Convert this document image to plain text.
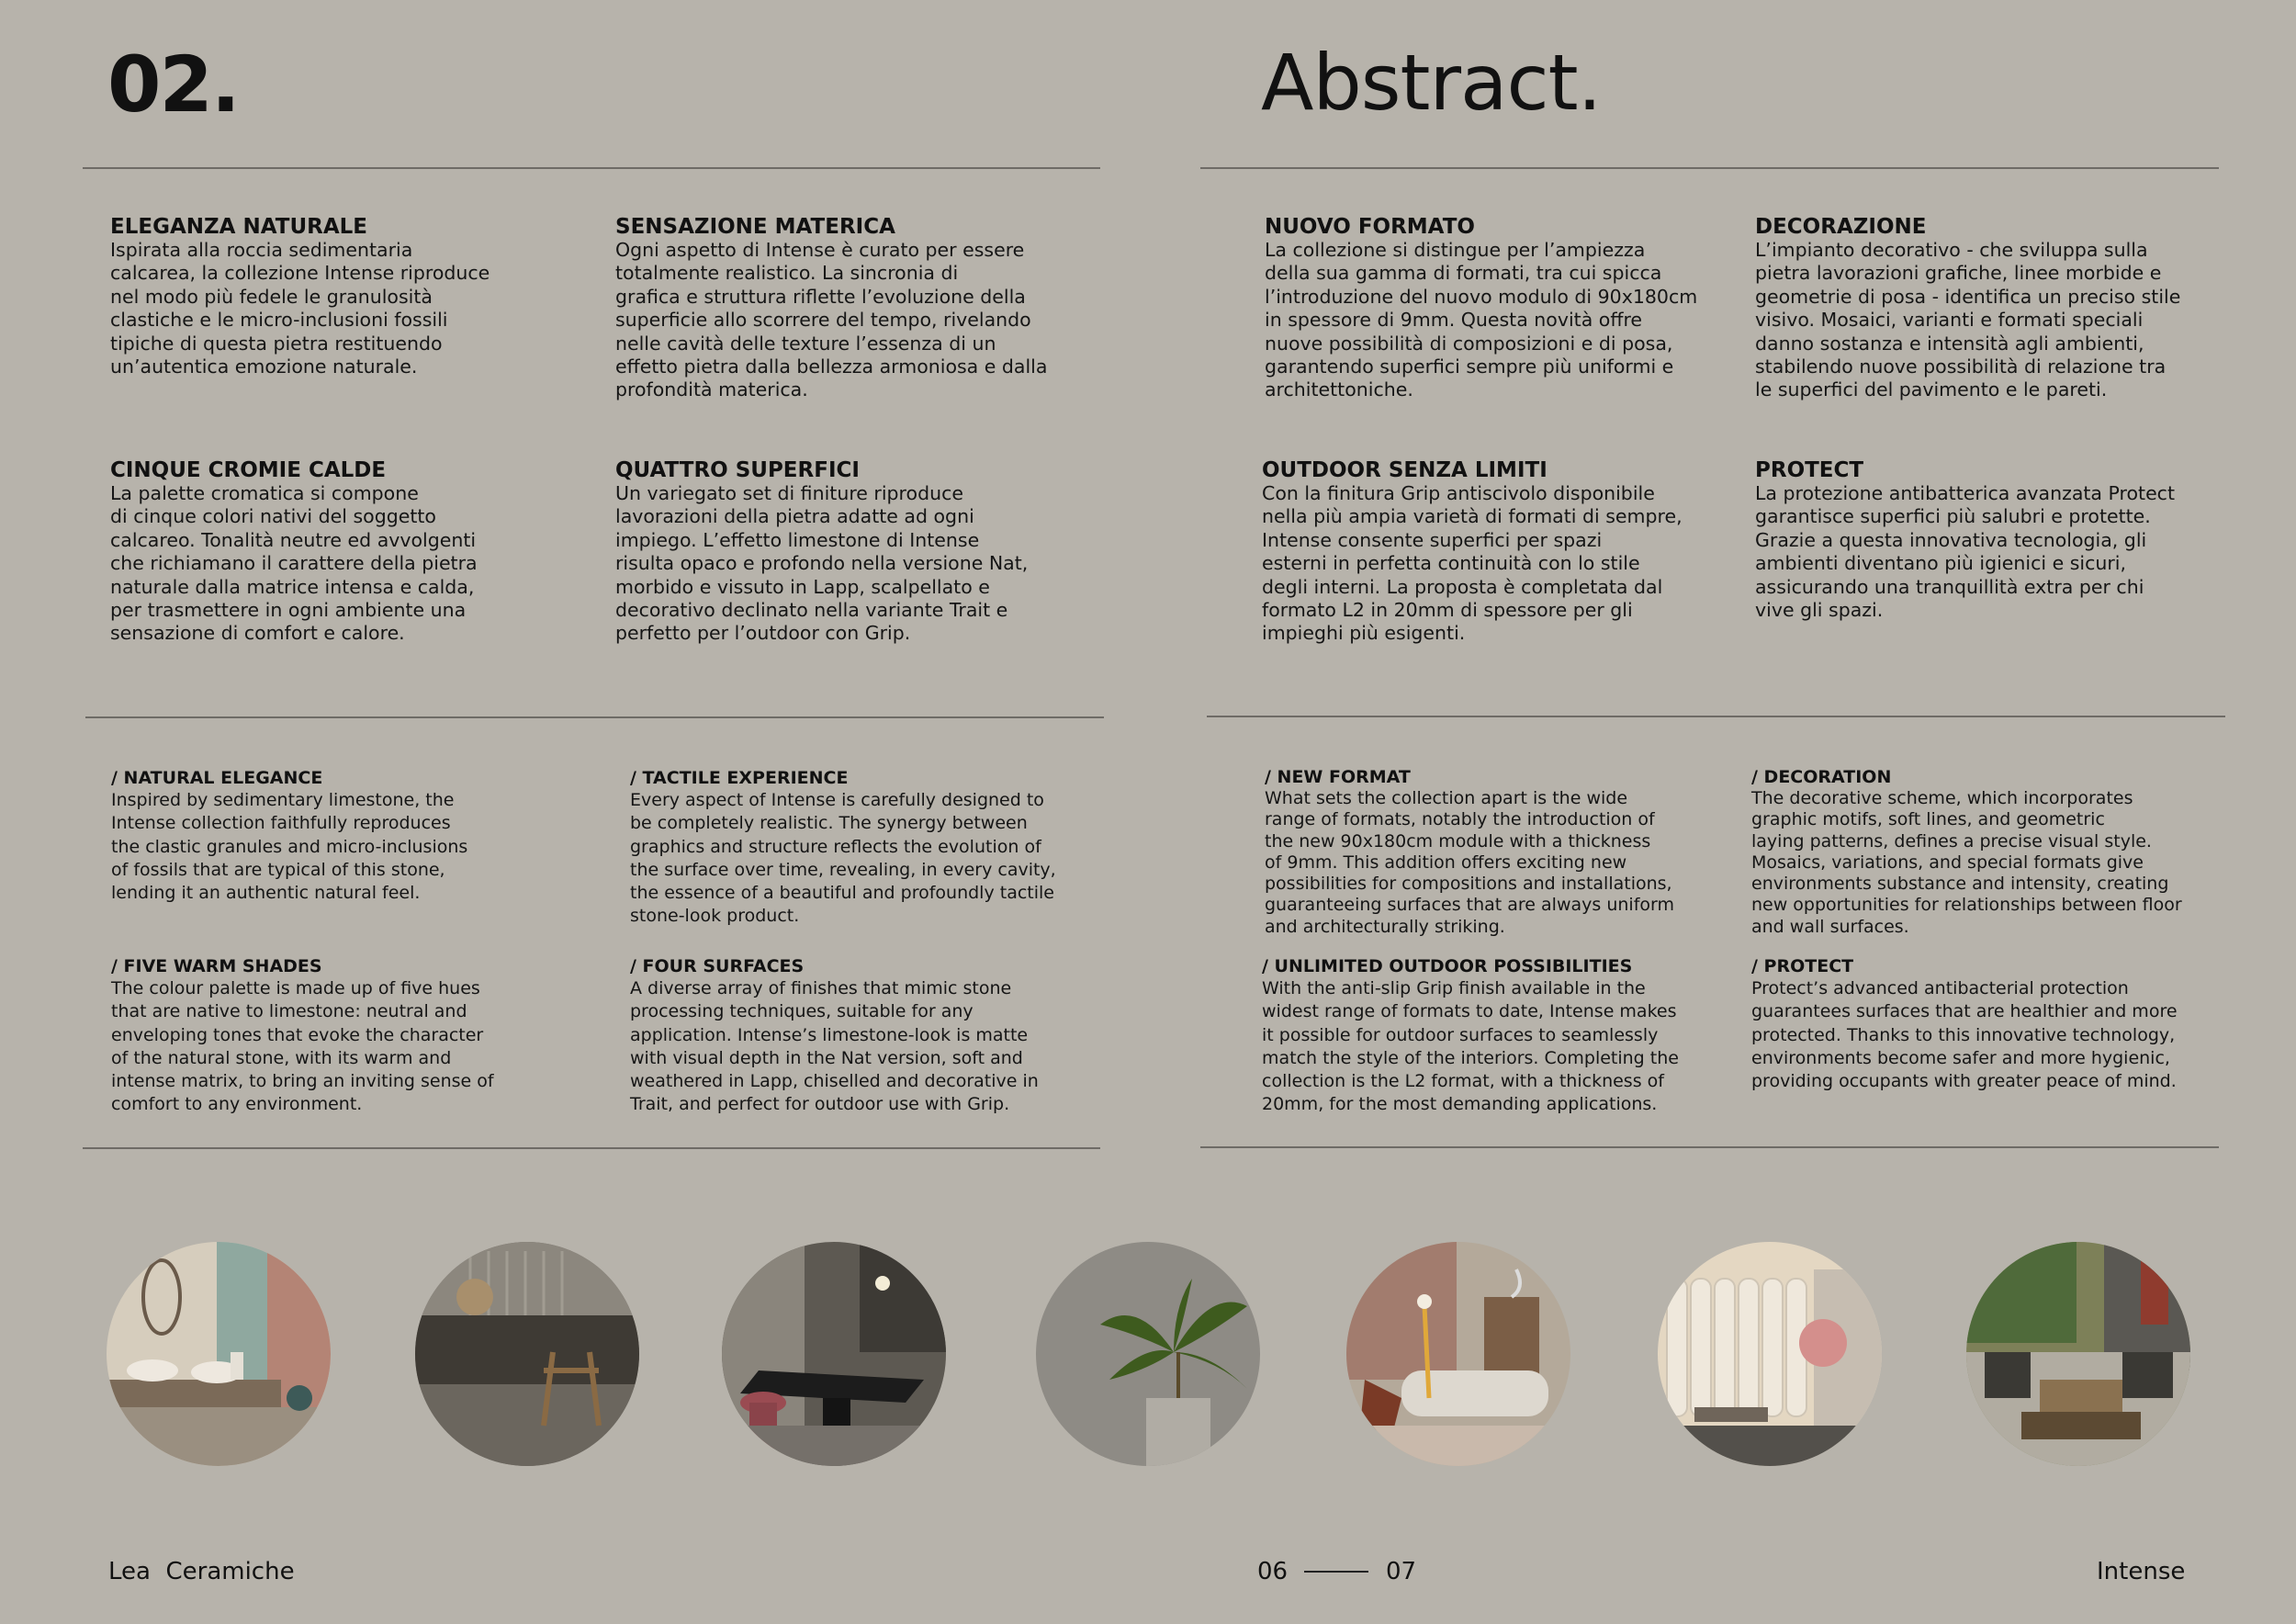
02.	Abstract.
ELEGANZA NATURALE

Ispirata alla roccia sedimentaria
calcarea, la collezione Intense riproduce
nel modo più fedele le granulosità
clastiche e le micro-inclusioni fossili
tipiche di questa pietra restituendo
un’autentica emozione naturale.

SENSAZIONE MATERICA

Ogni aspetto di Intense è curato per essere
totalmente realistico. La sincronia di
grafica e struttura riflette l’evoluzione della
superficie allo scorrere del tempo, rivelando
nelle cavità delle texture l’essenza di un
effetto pietra dalla bellezza armoniosa e dalla
profondità materica.

NUOVO FORMATO

La collezione si distingue per l’ampiezza
della sua gamma di formati, tra cui spicca
l’introduzione del nuovo modulo di 90x180cm
in spessore di 9mm. Questa novità offre
nuove possibilità di composizioni e di posa,
garantendo superfici sempre più uniformi e
architettoniche.

DECORAZIONE

L’impianto decorativo - che sviluppa sulla
pietra lavorazioni grafiche, linee morbide e
geometrie di posa - identifica un preciso stile
visivo. Mosaici, varianti e formati speciali
danno sostanza e intensità agli ambienti,
stabilendo nuove possibilità di relazione tra
le superfici del pavimento e le pareti.

CINQUE CROMIE CALDE

La palette cromatica si compone
di cinque colori nativi del soggetto
calcareo. Tonalità neutre ed avvolgenti
che richiamano il carattere della pietra
naturale dalla matrice intensa e calda,
per trasmettere in ogni ambiente una
sensazione di comfort e calore.

QUATTRO SUPERFICI

Un variegato set di finiture riproduce
lavorazioni della pietra adatte ad ogni
impiego. L’effetto limestone di Intense
risulta opaco e profondo nella versione Nat,
morbido e vissuto in Lapp, scalpellato e
decorativo declinato nella variante Trait e
perfetto per l’outdoor con Grip.

OUTDOOR SENZA LIMITI

Con la finitura Grip antiscivolo disponibile
nella più ampia varietà di formati di sempre,
Intense consente superfici per spazi
esterni in perfetta continuità con lo stile
degli interni. La proposta è completata dal
formato L2 in 20mm di spessore per gli
impieghi più esigenti.

PROTECT

La protezione antibatterica avanzata Protect
garantisce superfici più salubri e protette.
Grazie a questa innovativa tecnologia, gli
ambienti diventano più igienici e sicuri,
assicurando una tranquillità extra per chi
vive gli spazi.

/ NATURAL ELEGANCE

Inspired by sedimentary limestone, the
Intense collection faithfully reproduces
the clastic granules and micro-inclusions
of fossils that are typical of this stone,
lending it an authentic natural feel.

/ TACTILE EXPERIENCE

Every aspect of Intense is carefully designed to
be completely realistic. The synergy between
graphics and structure reflects the evolution of
the surface over time, revealing, in every cavity,
the essence of a beautiful and profoundly tactile
stone-look product.

/ NEW FORMAT

What sets the collection apart is the wide
range of formats, notably the introduction of
the new 90x180cm module with a thickness
of 9mm. This addition offers exciting new
possibilities for compositions and installations,
guaranteeing surfaces that are always uniform
and architecturally striking.

/ DECORATION

The decorative scheme, which incorporates
graphic motifs, soft lines, and geometric
laying patterns, defines a precise visual style.
Mosaics, variations, and special formats give
environments substance and intensity, creating
new opportunities for relationships between floor
and wall surfaces.

/ FIVE WARM SHADES

The colour palette is made up of five hues
that are native to limestone: neutral and
enveloping tones that evoke the character
of the natural stone, with its warm and
intense matrix, to bring an inviting sense of
comfort to any environment.

/ FOUR SURFACES

A diverse array of finishes that mimic stone
processing techniques, suitable for any
application. Intense’s limestone-look is matte
with visual depth in the Nat version, soft and
weathered in Lapp, chiselled and decorative in
Trait, and perfect for outdoor use with Grip.

/ UNLIMITED OUTDOOR POSSIBILITIES

With the anti-slip Grip finish available in the
widest range of formats to date, Intense makes
it possible for outdoor surfaces to seamlessly
match the style of the interiors. Completing the
collection is the L2 format, with a thickness of
20mm, for the most demanding applications.

/ PROTECT

Protect’s advanced antibacterial protection
guarantees surfaces that are healthier and more
protected. Thanks to this innovative technology,
environments become safer and more hygienic,
providing occupants with greater peace of mind.

Lea  Ceramiche	06	07	Intense
